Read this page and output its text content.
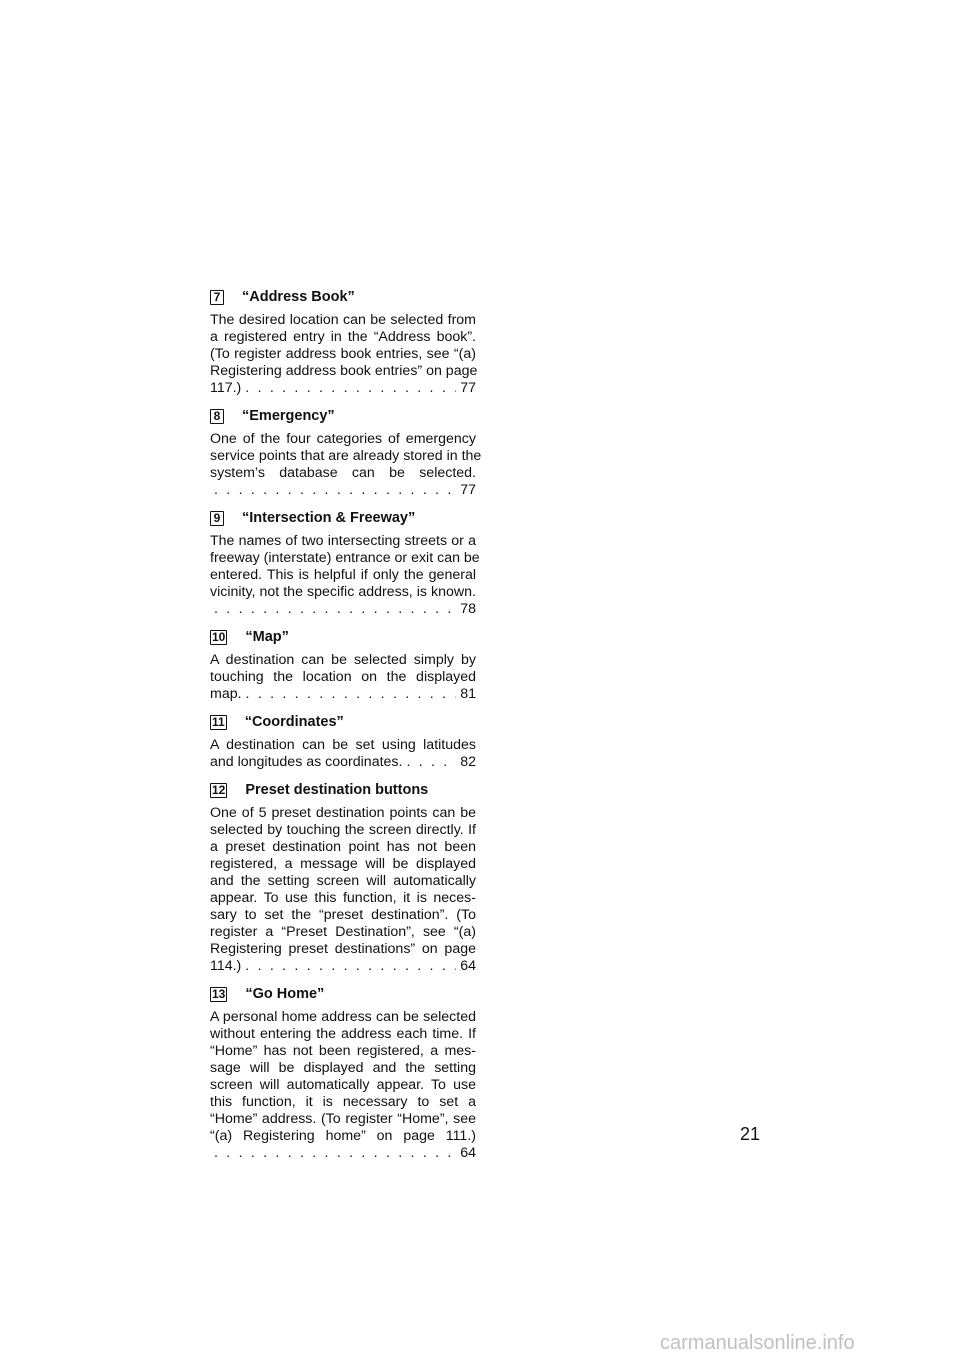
7 “Address Book”
The desired location can be selected from
a registered entry in the “Address book”.
(To register address book entries, see “(a)
Registering address book entries” on page
117.) . . .	77
8 “Emergency”
One of the four categories of emergency
service points that are already stored in the
system’s database can be selected.
. . .
77
9 “Intersection & Freeway”
The names of two intersecting streets or a
freeway (interstate) entrance or exit can be
entered. This is helpful if only the general
vicinity, not the specific address, is known.
. . .
78
10 “Map”
A destination can be selected simply by
touching the location on the displayed
map. . . .	81
11 “Coordinates”
A destination can be set using latitudes
and longitudes as coordinates. . . .	82
12 Preset destination buttons
One of 5 preset destination points can be
selected by touching the screen directly. If
a preset destination point has not been
registered, a message will be displayed
and the setting screen will automatically
appear. To use this function, it is neces-
sary to set the “preset destination”. (To
register a “Preset Destination”, see “(a)
Registering preset destinations” on page
114.) . . .	64
13 “Go Home”
A personal home address can be selected
without entering the address each time. If
“Home” has not been registered, a mes-
sage will be displayed and the setting
screen will automatically appear. To use
this function, it is necessary to set a
“Home” address. (To register “Home”, see
“(a) Registering home” on page 111.)
. . .
64
21
carmanualsonline.info
